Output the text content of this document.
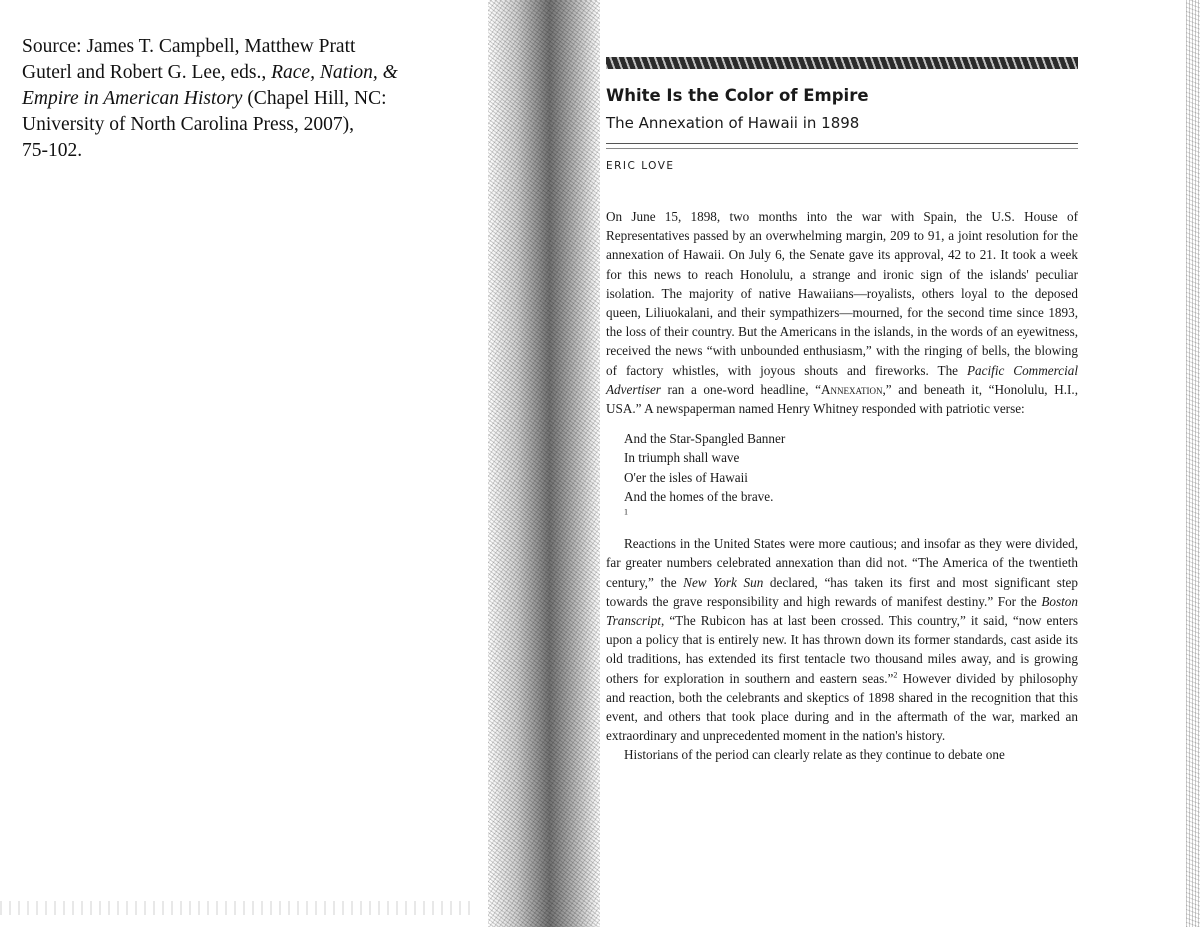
Source: James T. Campbell, Matthew Pratt
Guterl and Robert G. Lee, eds., Race, Nation, &
Empire in American History (Chapel Hill, NC:
University of North Carolina Press, 2007),
75-102.
White Is the Color of Empire
The Annexation of Hawaii in 1898
ERIC LOVE

On June 15, 1898, two months into the war with Spain, the U.S. House of Representatives passed by an overwhelming margin, 209 to 91, a joint resolution for the annexation of Hawaii. On July 6, the Senate gave its approval, 42 to 21. It took a week for this news to reach Honolulu, a strange and ironic sign of the islands' peculiar isolation. The majority of native Hawaiians—royalists, others loyal to the deposed queen, Liliuokalani, and their sympathizers—mourned, for the second time since 1893, the loss of their country. But the Americans in the islands, in the words of an eyewitness, received the news “with unbounded enthusiasm,” with the ringing of bells, the blowing of factory whistles, with joyous shouts and fireworks. The Pacific Commercial Advertiser ran a one-word headline, “Annexation,” and beneath it, “Honolulu, H.I., USA.” A newspaperman named Henry Whitney responded with patriotic verse:

And the Star-Spangled Banner
In triumph shall wave
O'er the isles of Hawaii
And the homes of the brave.
$^1$

Reactions in the United States were more cautious; and insofar as they were divided, far greater numbers celebrated annexation than did not. “The America of the twentieth century,” the New York Sun declared, “has taken its first and most significant step towards the grave responsibility and high rewards of manifest destiny.” For the Boston Transcript, “The Rubicon has at last been crossed. This country,” it said, “now enters upon a policy that is entirely new. It has thrown down its former standards, cast aside its old traditions, has extended its first tentacle two thousand miles away, and is growing others for exploration in southern and eastern seas.”$^2$ However divided by philosophy and reaction, both the celebrants and skeptics of 1898 shared in the recognition that this event, and others that took place during and in the aftermath of the war, marked an extraordinary and unprecedented moment in the nation's history.

Historians of the period can clearly relate as they continue to debate one
